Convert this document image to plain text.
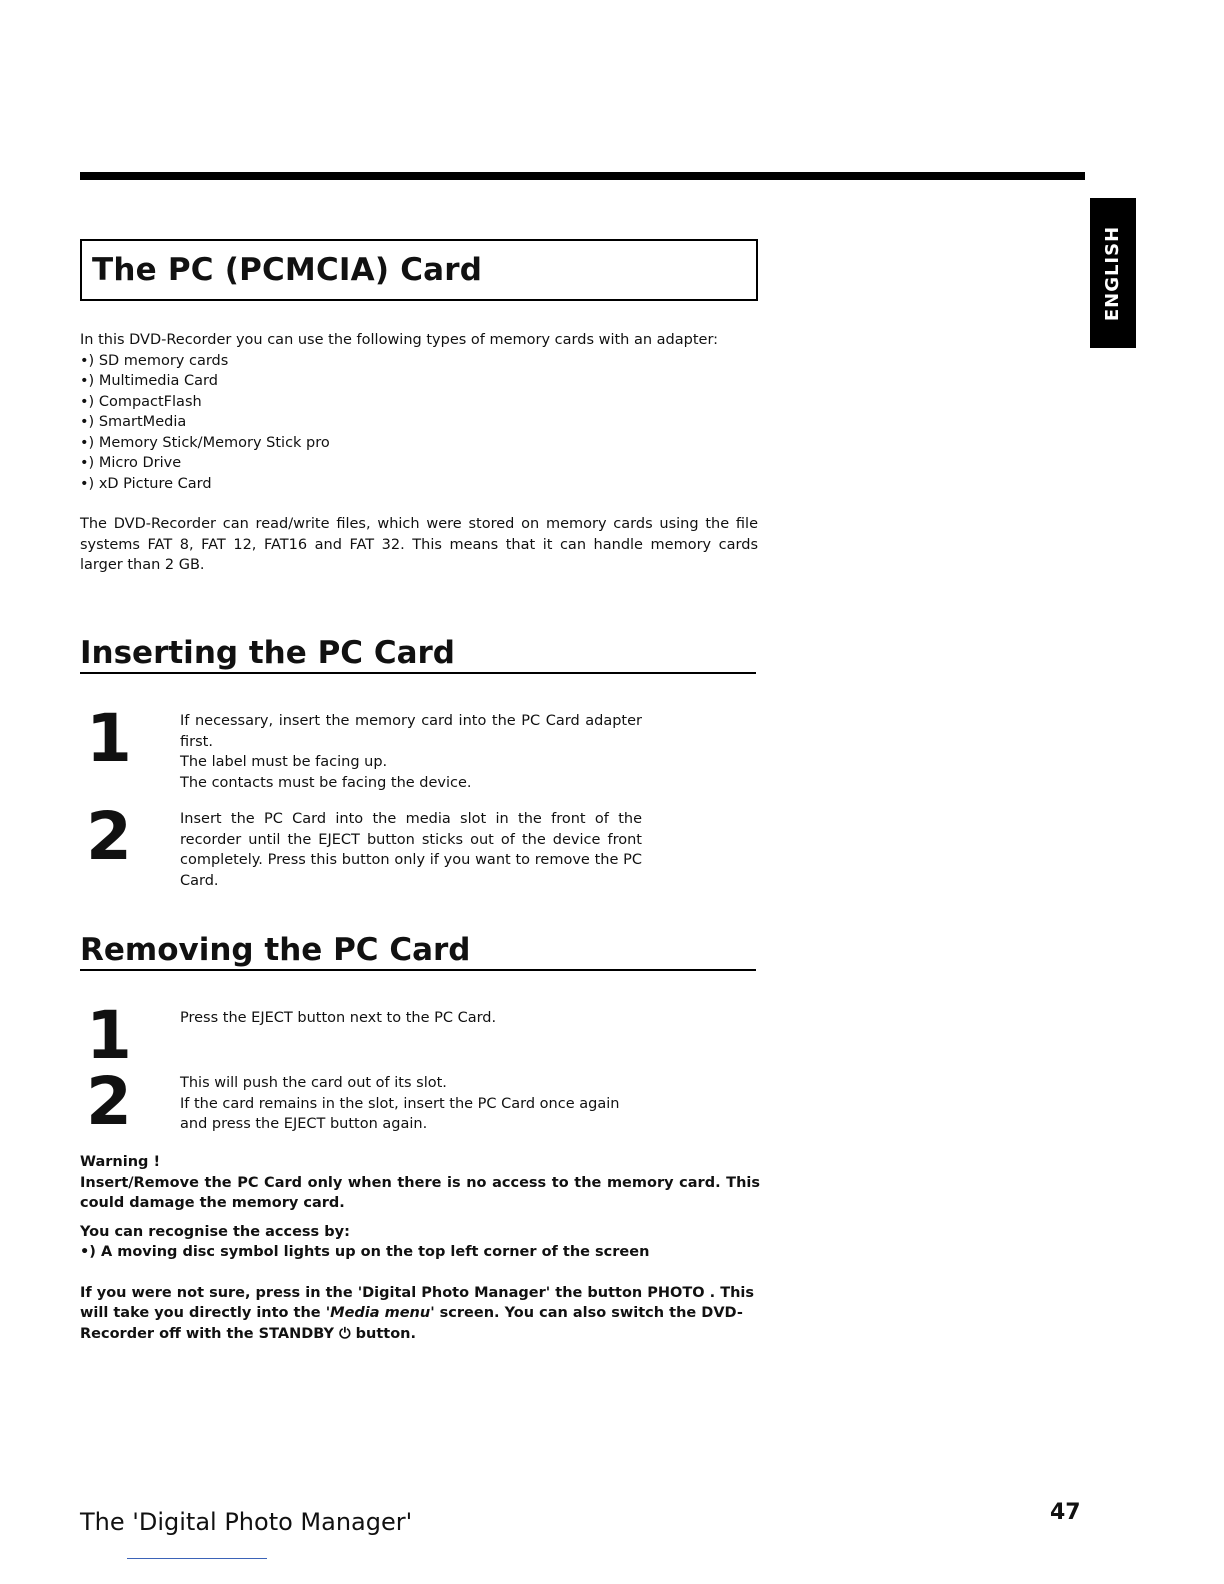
ENGLISH
The PC (PCMCIA) Card

In this DVD-Recorder you can use the following types of memory cards with an adapter:

•) SD memory cards
•) Multimedia Card
•) CompactFlash
•) SmartMedia
•) Memory Stick/Memory Stick pro
•) Micro Drive
•) xD Picture Card

The DVD-Recorder can read/write files, which were stored on memory cards using the file systems FAT 8, FAT 12, FAT16 and FAT 32. This means that it can handle memory cards larger than 2 GB.

Inserting the PC Card
1	If necessary, insert the memory card into the PC Card adapter first.
The label must be facing up.
The contacts must be facing the device.
2	Insert the PC Card into the media slot in the front of the recorder until the EJECT button sticks out of the device front completely. Press this button only if you want to remove the PC Card.

Removing the PC Card
1	Press the EJECT button next to the PC Card.

2	This will push the card out of its slot.
If the card remains in the slot, insert the PC Card once again and press the EJECT button again.

Warning !

Insert/Remove the PC Card only when there is no access to the memory card. This could damage the memory card.

You can recognise the access by:

•) A moving disc symbol lights up on the top left corner of the screen

If you were not sure, press in the 'Digital Photo Manager' the button PHOTO . This will take you directly into the 'Media menu' screen. You can also switch the DVD-Recorder off with the STANDBY ⏻ button.

The 'Digital Photo Manager'	47
